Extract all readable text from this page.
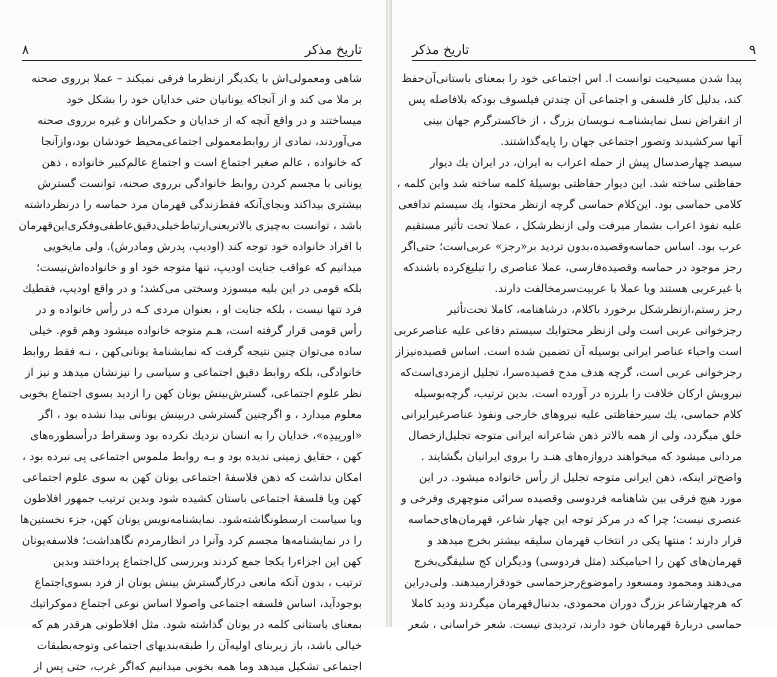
٨	تاریخ مذکر

شاهی ومعمولی‌اش با یکدیگر ازنظرما فرقی نمیکند – عملا برروی صحنه
بر ملا می کند و از آنجاکه یونانیان حتی خدایان خود را بشکل خود
میساختند و در واقع آنچه که از خدایان و حکمرانان و غیره برروی صحنه
می‌آوردند، نمادی از روابط‌معمولی اجتماعی‌محیط خودشان بود،وازآنجا
که خانواده ، عالم صغیر اجتماع است و اجتماع عالم‌کبیر خانواده ، ذهن
یونانی با مجسم کردن روابط خانوادگی برروی صحنه، توانست گسترش
بیشتری بیداکند وبجای‌آنکه فقط‌زندگی قهرمان مرد حماسه را درنظرداشته
باشد ، توانست به‌چیزی بالاتر‌یعنی‌ارتباط‌خیلی‌دقیق‌عاطفی‌وفکری‌این‌قهرمان
با افراد خانواده خود توجه کند (اودیپ، پدرش ومادرش). ولی مایخویی
میدانیم که عواقب جنایت اودیپ، تنها متوجه خود او و خانواده‌اش‌نیست؛
بلکه قومی در این بلیه میسوزد وسختی می‌کشد؛ و در واقع اودیپ، فقطیك
فرد تنها نیست ، بلکه جنایت او ، بعنوان مردی کـه در رأس خانواده و در
رأس قومی قرار گرفته است، هـم متوجه خانواده میشود وهم قوم. خیلی
ساده می‌توان چنین نتیجه گرفت که نمایشنامهٔ یونانی‌کهن ، نـه فقط روابط
خانوادگی، بلکه روابط دقیق اجتماعی و سیاسی را نیزنشان میدهد و نیز از
نظر علوم اجتماعی، گسترش‌بینش یونان کهن را ازدید بسوی اجتماع بخوبی
معلوم میدارد ، و اگرچنین گسترشی دربینش یونانی بیدا نشده بود ، اگر
«اورپیدِه»، خدایان را به انسان نزدیك نکرده بود وسقراط درأسطوره‌های
کهن ، حقایق زمینی ندیده بود و بـه روابط ملموس اجتماعی پی نبرده بود ،
امکان نداشت که ذهن فلاسفهٔ اجتماعی یونان کهن به سوی علوم اجتماعی
کهن ویا فلسفهٔ اجتماعی باستان کشیده شود وبدین ترتیب جمهور افلاطون
ویا سیاست ارسطونگاشته‌شود. نمایشنامه‌نویس یونان کهن، جزء نخستین‌ها
را در نمایشنامه‌ها مجسم کرد وآنرا در انظارمردم نگاهداشت؛ فلاسفه‌یونان
کهن این اجزاءرا یکجا جمع کردند وبررسی کل‌اجتماع پرداختند وبدین
ترتیب ، بدون آنکه مانعی درکارگسترش بینش یونان از فرد بسوی‌اجتماع
بوجودآید، اساس فلسفه اجتماعی واصولا اساس نوعی اجتماع دموکراتیك
بمعنای باستانی کلمه در یونان گذاشته شود. مثل افلاطونی هرقدر هم که
خیالی باشد، باز زیربنای اولیه‌آن را طبقه‌بندیهای اجتماعی وتوجه‌بطبقات
اجتماعی تشکیل میدهد وما همه بخوبی میدانیم که‌اگر غرب، حتی پس از

تاریخ مذکر	٩

پیدا شدن مسیحیت توانست ا. اس اجتماعی خود را بمعنای باستانی‌آن‌حفظ
کند، بدلیل کار فلسفی و اجتماعی آن چندتن فیلسوف بودکه بلافاصله پس
از انقراض نسل نمایشنامـه نـویسان بزرگ ، از خاکسترگرم جهان بینی
آنها سرکشیدند وتصور اجتماعی جهان را پایه‌گذاشتند.

سیصد چهارصدسال پیش از حمله اعراب به ایران، در ایران یك دیوار
حفاظتی ساخته شد. این دیوار حفاظتی بوسیلهٔ کلمه ساخته شد واین کلمه ،
کلامی حماسی بود. این‌کلام حماسی گرچه ازنظر محتوا، یك سیستم تدافعی
علیه نفوذ اعراب بشمار میرفت ولی ازنظرشکل ، عملا تحت تأثیر مستقیم
عرب بود. اساس حماسه‌وقصیده،بدون تردید بر«رجز» عربی‌است؛ حتی‌اگر
رجز موجود در حماسه وقصیده‌فارسی، عملا عناصری را تبلیغ‌کرده باشندکه
با غیرعربی هستند ویا عملا با عربیت‌سرمخالفت دارند.

رجز رستم،ازنظرشکل برخورد باکلام، درشاهنامه، کاملا تحت‌تأثیر
رجزخوانی عربی است ولی ازنظر محتوایك سیستم دفاعی علیه عناصرعربی
است واحیاء عناصر ایرانی بوسیله آن تضمین شده است. اساس قصیده‌نیزاز
رجزخوانی عربی است، گرچه هدف مدح قصیده‌سرا، تجلیل ازمردی‌است‌که
نیرویش ارکان خلافت را بلرزه در آورده است. بدین ترتیب، گرچه‌بوسیله
کلام حماسی، یك سیرحفاظتی علیه نیروهای خارجی ونفوذ عناصرغیرایرانی
خلق میگردد، ولی از همه بالاتر ذهن شاعرانه ایرانی متوجه تجلیل‌ازخصال
مردانی میشود که میخواهند دروازه‌های هنـد را بروی ایرانیان بگشایند .
واضح‌تر اینکه، ذهن ایرانی متوجه تجلیل از رأس خانواده میشود. در این
مورد هیچ فرقی بین شاهنامه فردوسی وقصیده سرائی منوچهری وفرخی و
عنصری نیست؛ چرا که در مرکز توجه این چهار شاعر، قهرمان‌های‌حماسه
قرار دارند ؛ منتها یکی در انتخاب قهرمان سلیقه بیشتر بخرج میدهد و
قهرمان‌های کهن را احیامیکند (مثل فردوسی) ودیگران کج سلیقگی‌بخرج
می‌دهند ومحمود ومسعود راموضوع‌رجزحماسی خودقرارمیدهند. ولی‌دراین
که هرچهارشاعر بزرگ دوران محمودی، بدنبال‌قهرمان میگردند ودید کاملا
حماسی دربارهٔ قهرمانان خود دارند، تردیدی نیست. شعر خراسانی ، شعر
